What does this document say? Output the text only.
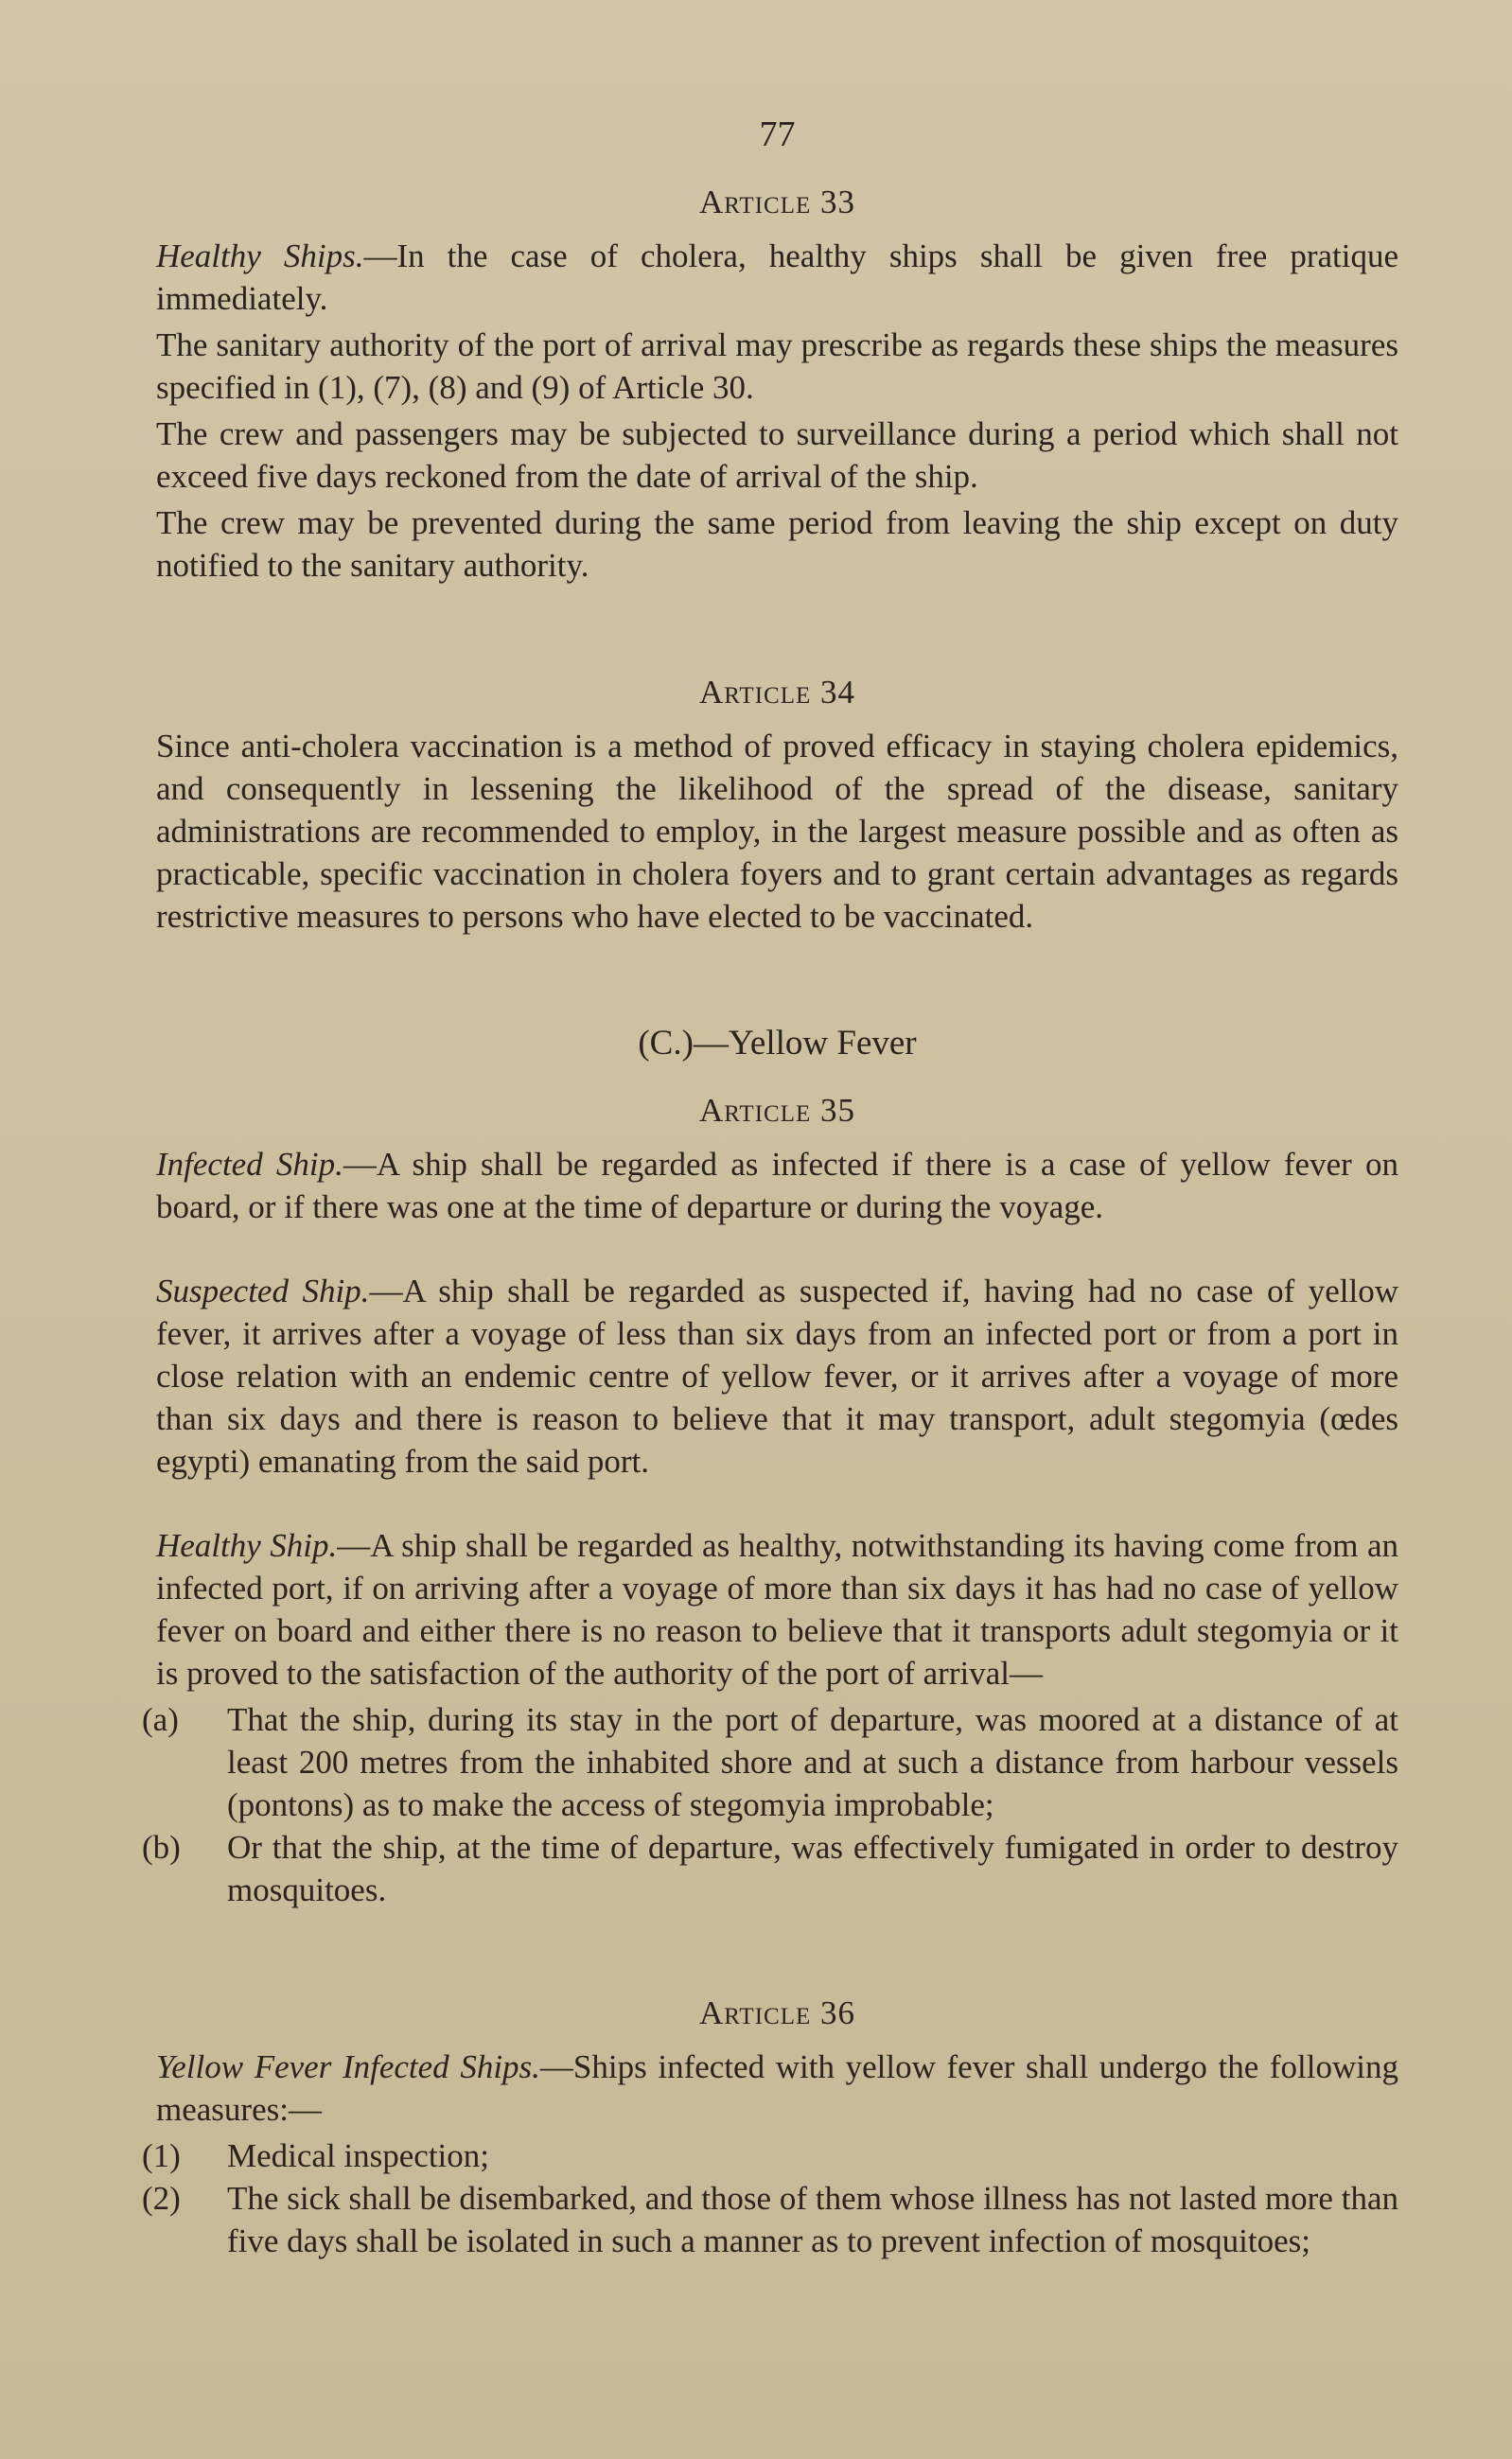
77
Article 33

Healthy Ships.—In the case of cholera, healthy ships shall be given free pratique immediately.

The sanitary authority of the port of arrival may prescribe as regards these ships the measures specified in (1), (7), (8) and (9) of Article 30.

The crew and passengers may be subjected to surveillance during a period which shall not exceed five days reckoned from the date of arrival of the ship.

The crew may be prevented during the same period from leaving the ship except on duty notified to the sanitary authority.

Article 34

Since anti-cholera vaccination is a method of proved efficacy in staying cholera epidemics, and consequently in lessening the likelihood of the spread of the disease, sanitary administrations are recommended to employ, in the largest measure possible and as often as practicable, specific vaccination in cholera foyers and to grant certain advantages as regards restrictive measures to persons who have elected to be vaccinated.

(C.)—Yellow Fever
Article 35

Infected Ship.—A ship shall be regarded as infected if there is a case of yellow fever on board, or if there was one at the time of departure or during the voyage.

Suspected Ship.—A ship shall be regarded as suspected if, having had no case of yellow fever, it arrives after a voyage of less than six days from an infected port or from a port in close relation with an endemic centre of yellow fever, or it arrives after a voyage of more than six days and there is reason to believe that it may transport, adult stegomyia (œdes egypti) emanating from the said port.

Healthy Ship.—A ship shall be regarded as healthy, notwithstanding its having come from an infected port, if on arriving after a voyage of more than six days it has had no case of yellow fever on board and either there is no reason to believe that it transports adult stegomyia or it is proved to the satisfaction of the authority of the port of arrival—

(a) That the ship, during its stay in the port of departure, was moored at a distance of at least 200 metres from the inhabited shore and at such a distance from harbour vessels (pontons) as to make the access of stegomyia improbable;

(b) Or that the ship, at the time of departure, was effectively fumigated in order to destroy mosquitoes.

Article 36

Yellow Fever Infected Ships.—Ships infected with yellow fever shall undergo the following measures:—

(1) Medical inspection;

(2) The sick shall be disembarked, and those of them whose illness has not lasted more than five days shall be isolated in such a manner as to prevent infection of mosquitoes;
